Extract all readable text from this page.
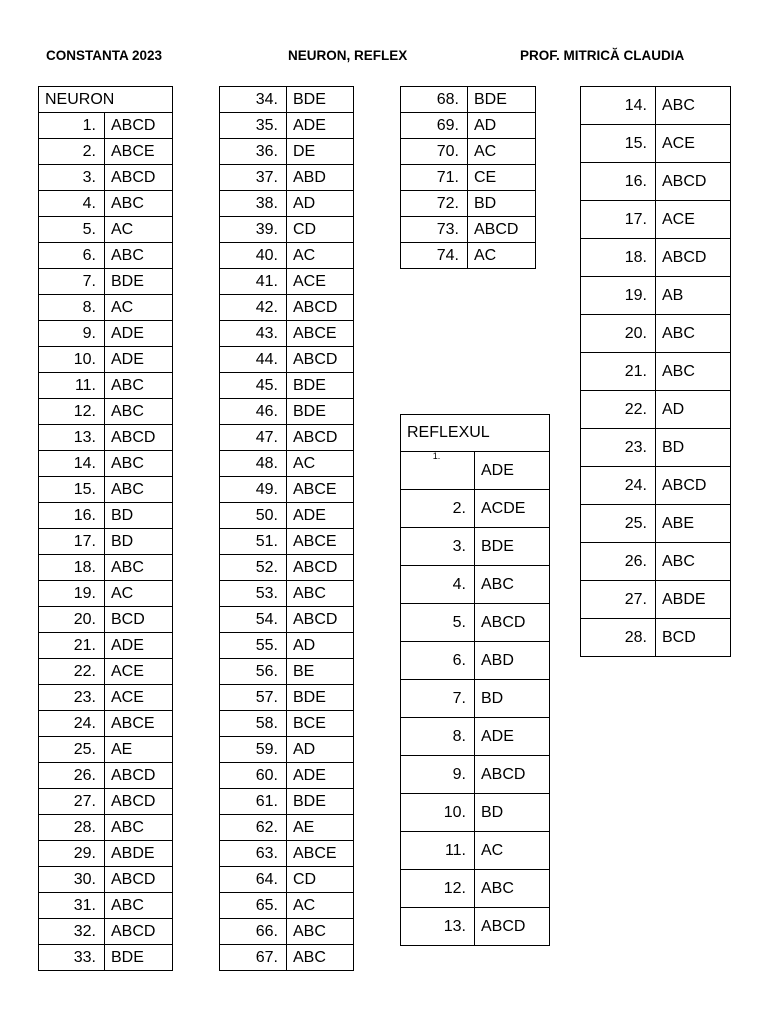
CONSTANTA 2023	NEURON, REFLEX	PROF. MITRICĂ CLAUDIA
NEURON	
1.	ABCD
2.	ABCE
3.	ABCD
4.	ABC
5.	AC
6.	ABC
7.	BDE
8.	AC
9.	ADE
10.	ADE
11.	ABC
12.	ABC
13.	ABCD
14.	ABC
15.	ABC
16.	BD
17.	BD
18.	ABC
19.	AC
20.	BCD
21.	ADE
22.	ACE
23.	ACE
24.	ABCE
25.	AE
26.	ABCD
27.	ABCD
28.	ABC
29.	ABDE
30.	ABCD
31.	ABC
32.	ABCD
33.	BDE
34.	BDE
35.	ADE
36.	DE
37.	ABD
38.	AD
39.	CD
40.	AC
41.	ACE
42.	ABCD
43.	ABCE
44.	ABCD
45.	BDE
46.	BDE
47.	ABCD
48.	AC
49.	ABCE
50.	ADE
51.	ABCE
52.	ABCD
53.	ABC
54.	ABCD
55.	AD
56.	BE
57.	BDE
58.	BCE
59.	AD
60.	ADE
61.	BDE
62.	AE
63.	ABCE
64.	CD
65.	AC
66.	ABC
67.	ABC
68.	BDE
69.	AD
70.	AC
71.	CE
72.	BD
73.	ABCD
74.	AC
REFLEXUL	
$^{1.}$	ADE
2.	ACDE
3.	BDE
4.	ABC
5.	ABCD
6.	ABD
7.	BD
8.	ADE
9.	ABCD
10.	BD
11.	AC
12.	ABC
13.	ABCD
14.	ABC
15.	ACE
16.	ABCD
17.	ACE
18.	ABCD
19.	AB
20.	ABC
21.	ABC
22.	AD
23.	BD
24.	ABCD
25.	ABE
26.	ABC
27.	ABDE
28.	BCD
